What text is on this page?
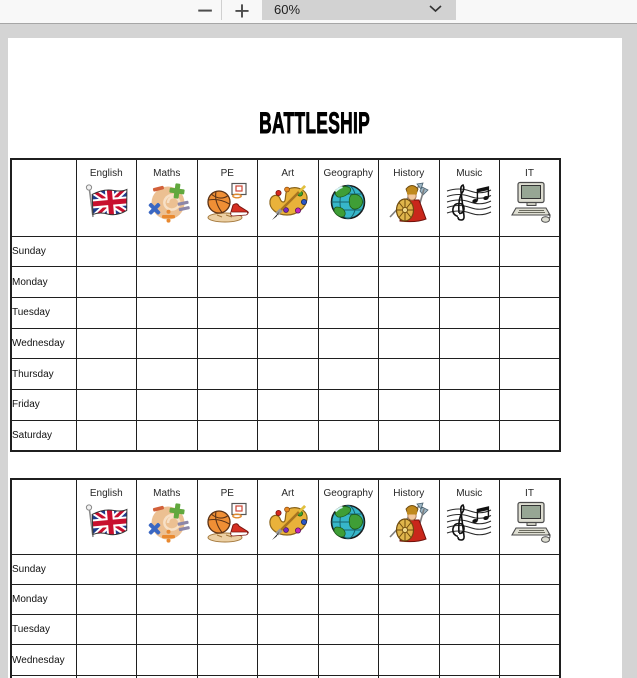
− +	60%
BATTLESHIP

	English	Maths	PE	Art	Geography	History	Music	IT

Sunday								
Monday								
Tuesday								
Wednesday								
Thursday								
Friday								
Saturday								

	English	Maths	PE	Art	Geography	History	Music	IT

Sunday								
Monday								
Tuesday								
Wednesday								
